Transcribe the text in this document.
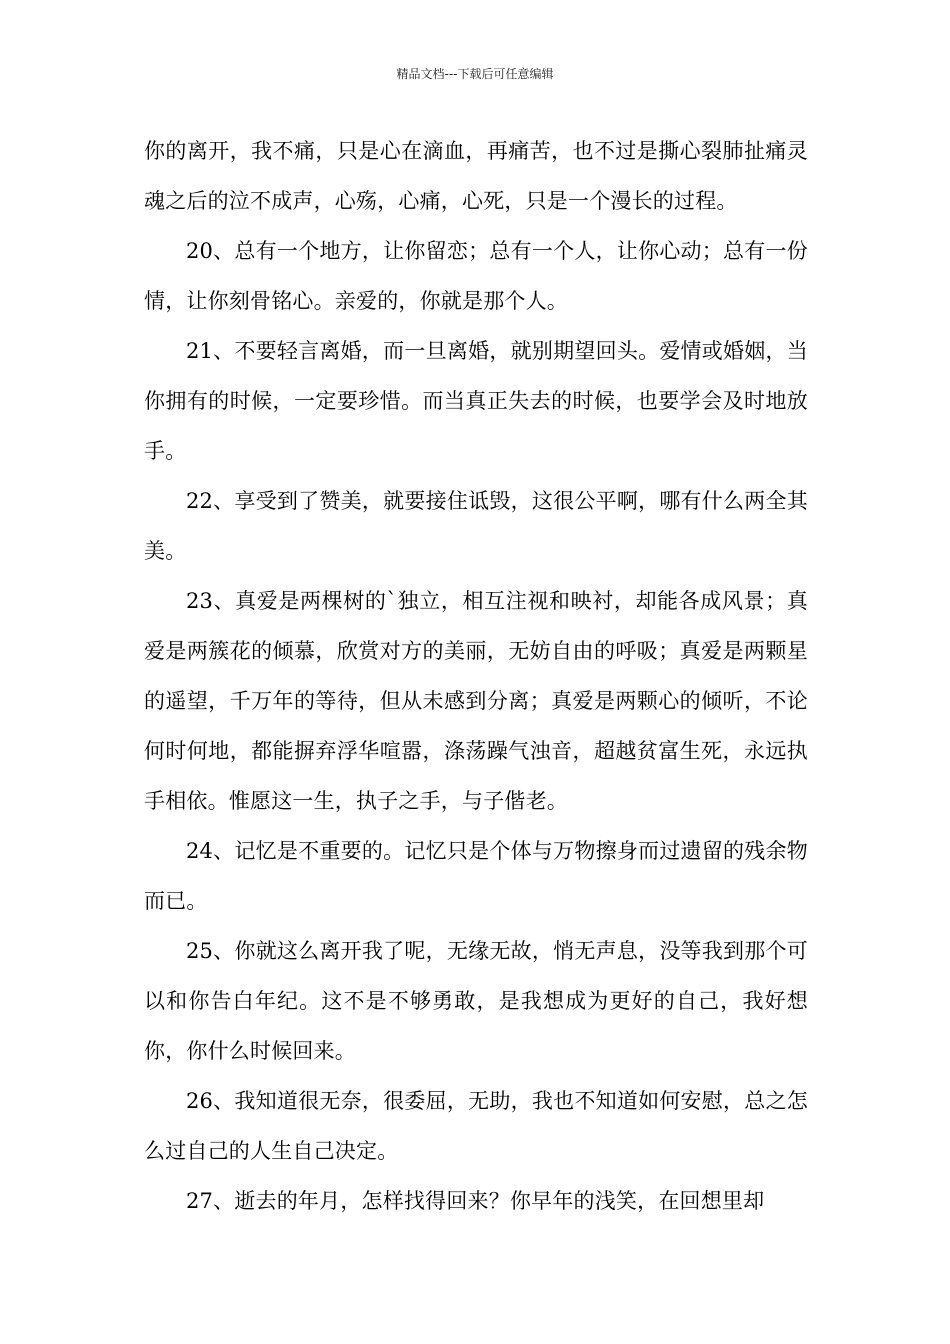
精品文档---下载后可任意编辑

你的离开，我不痛，只是心在滴血，再痛苦，也不过是撕心裂肺扯痛灵魂之后的泣不成声，心殇，心痛，心死，只是一个漫长的过程。

20、总有一个地方，让你留恋；总有一个人，让你心动；总有一份情，让你刻骨铭心。亲爱的，你就是那个人。

21、不要轻言离婚，而一旦离婚，就别期望回头。爱情或婚姻，当你拥有的时候，一定要珍惜。而当真正失去的时候，也要学会及时地放手。

22、享受到了赞美，就要接住诋毁，这很公平啊，哪有什么两全其美。

23、真爱是两棵树的`独立，相互注视和映衬，却能各成风景；真爱是两簇花的倾慕，欣赏对方的美丽，无妨自由的呼吸；真爱是两颗星的遥望，千万年的等待，但从未感到分离；真爱是两颗心的倾听，不论何时何地，都能摒弃浮华喧嚣，涤荡躁气浊音，超越贫富生死，永远执手相依。惟愿这一生，执子之手，与子偕老。

24、记忆是不重要的。记忆只是个体与万物擦身而过遗留的残余物而已。

25、你就这么离开我了呢，无缘无故，悄无声息，没等我到那个可以和你告白年纪。这不是不够勇敢，是我想成为更好的自己，我好想你，你什么时候回来。

26、我知道很无奈，很委屈，无助，我也不知道如何安慰，总之怎么过自己的人生自己决定。

27、逝去的年月，怎样找得回来？你早年的浅笑，在回想里却
